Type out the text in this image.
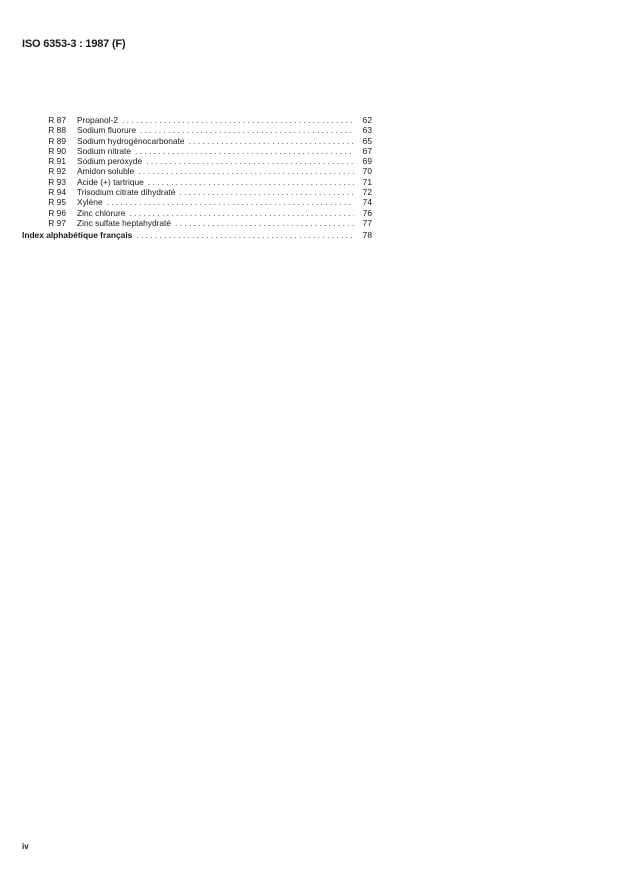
ISO 6353-3 : 1987 (F)
R 87 Propanol-2 . . .	62
R 88 Sodium fluorure . . .	63
R 89 Sodium hydrogénocarbonate . . .	65
R 90 Sodium nitrate . . .	67
R 91 Sodium peroxyde . . .	69
R 92 Amidon soluble . . .	70
R 93 Acide (+) tartrique . . .	71
R 94 Trisodium citrate dihydraté . . .	72
R 95 Xylène . . .	74
R 96 Zinc chlorure . . .	76
R 97 Zinc sulfate heptahydraté . . .	77
Index alphabétique français . . .	78
iv
